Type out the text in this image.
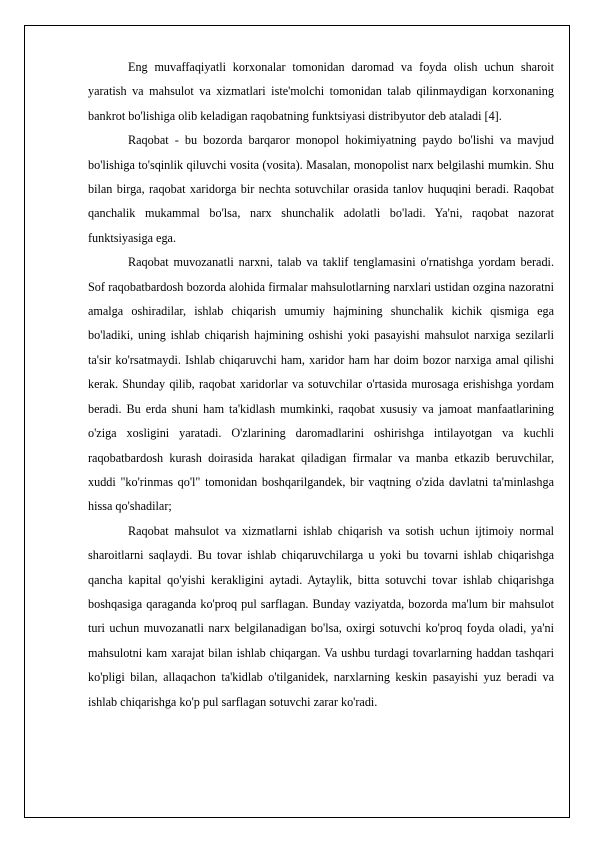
Eng muvaffaqiyatli korxonalar tomonidan daromad va foyda olish uchun sharoit yaratish va mahsulot va xizmatlari iste'molchi tomonidan talab qilinmaydigan korxonaning bankrot bo'lishiga olib keladigan raqobatning funktsiyasi distribyutor deb ataladi [4].

Raqobat - bu bozorda barqaror monopol hokimiyatning paydo bo'lishi va mavjud bo'lishiga to'sqinlik qiluvchi vosita (vosita). Masalan, monopolist narx belgilashi mumkin. Shu bilan birga, raqobat xaridorga bir nechta sotuvchilar orasida tanlov huquqini beradi. Raqobat qanchalik mukammal bo'lsa, narx shunchalik adolatli bo'ladi. Ya'ni, raqobat nazorat funktsiyasiga ega.

Raqobat muvozanatli narxni, talab va taklif tenglamasini o'rnatishga yordam beradi. Sof raqobatbardosh bozorda alohida firmalar mahsulotlarning narxlari ustidan ozgina nazoratni amalga oshiradilar, ishlab chiqarish umumiy hajmining shunchalik kichik qismiga ega bo'ladiki, uning ishlab chiqarish hajmining oshishi yoki pasayishi mahsulot narxiga sezilarli ta'sir ko'rsatmaydi. Ishlab chiqaruvchi ham, xaridor ham har doim bozor narxiga amal qilishi kerak. Shunday qilib, raqobat xaridorlar va sotuvchilar o'rtasida murosaga erishishga yordam beradi. Bu erda shuni ham ta'kidlash mumkinki, raqobat xususiy va jamoat manfaatlarining o'ziga xosligini yaratadi. O'zlarining daromadlarini oshirishga intilayotgan va kuchli raqobatbardosh kurash doirasida harakat qiladigan firmalar va manba etkazib beruvchilar, xuddi "ko'rinmas qo'l" tomonidan boshqarilgandek, bir vaqtning o'zida davlatni ta'minlashga hissa qo'shadilar;

Raqobat mahsulot va xizmatlarni ishlab chiqarish va sotish uchun ijtimoiy normal sharoitlarni saqlaydi. Bu tovar ishlab chiqaruvchilarga u yoki bu tovarni ishlab chiqarishga qancha kapital qo'yishi kerakligini aytadi. Aytaylik, bitta sotuvchi tovar ishlab chiqarishga boshqasiga qaraganda ko'proq pul sarflagan. Bunday vaziyatda, bozorda ma'lum bir mahsulot turi uchun muvozanatli narx belgilanadigan bo'lsa, oxirgi sotuvchi ko'proq foyda oladi, ya'ni mahsulotni kam xarajat bilan ishlab chiqargan. Va ushbu turdagi tovarlarning haddan tashqari ko'pligi bilan, allaqachon ta'kidlab o'tilganidek, narxlarning keskin pasayishi yuz beradi va ishlab chiqarishga ko'p pul sarflagan sotuvchi zarar ko'radi.
